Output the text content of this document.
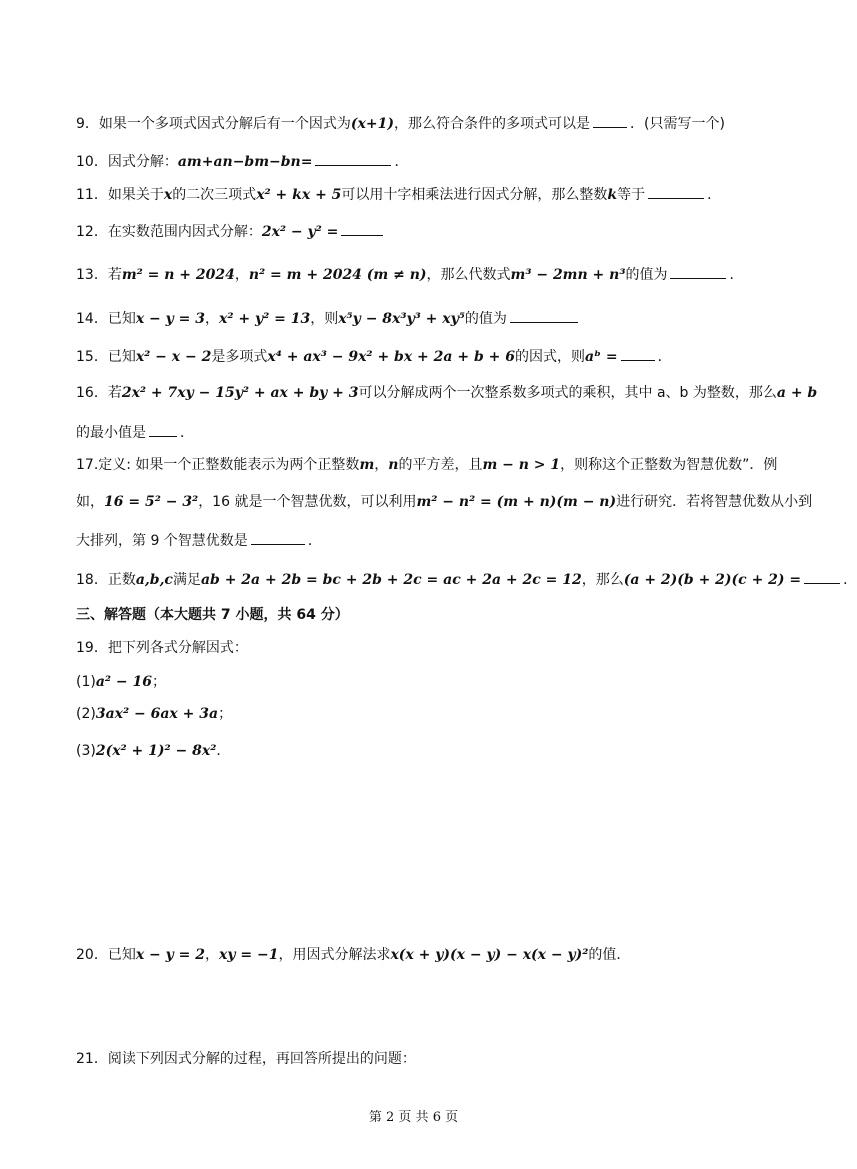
9．如果一个多项式因式分解后有一个因式为(x+1)，那么符合条件的多项式可以是	．(只需写一个)
10．因式分解：am+an−bm−bn=	．
11．如果关于x的二次三项式x² + kx + 5可以用十字相乘法进行因式分解，那么整数k等于	．
12．在实数范围内因式分解：2x² − y² =
13．若m² = n + 2024，n² = m + 2024 (m ≠ n)，那么代数式m³ − 2mn + n³的值为	．
14．已知x − y = 3，x² + y² = 13，则x⁵y − 8x³y³ + xy⁵的值为
15．已知x² − x − 2是多项式x⁴ + ax³ − 9x² + bx + 2a + b + 6的因式，则aᵇ =	．
16．若2x² + 7xy − 15y² + ax + by + 3可以分解成两个一次整系数多项式的乘积，其中 a、b 为整数，那么a + b
的最小值是 ．
17.定义: 如果一个正整数能表示为两个正整数m，n的平方差，且m − n > 1，则称这个正整数为智慧优数”．例
如，16 = 5² − 3²，16 就是一个智慧优数，可以利用m² − n² = (m + n)(m − n)进行研究．若将智慧优数从小到
大排列，第 9 个智慧优数是	．
18．正数a,b,c满足ab + 2a + 2b = bc + 2b + 2c = ac + 2a + 2c = 12，那么(a + 2)(b + 2)(c + 2) =	．
三、解答题（本大题共 7 小题，共 64 分）
19．把下列各式分解因式：
(1)a² − 16；
(2)3ax² − 6ax + 3a；
(3)2(x² + 1)² − 8x²．
20．已知x − y = 2，xy = −1，用因式分解法求x(x + y)(x − y) − x(x − y)²的值．
21．阅读下列因式分解的过程，再回答所提出的问题：
第 2 页 共 6 页
